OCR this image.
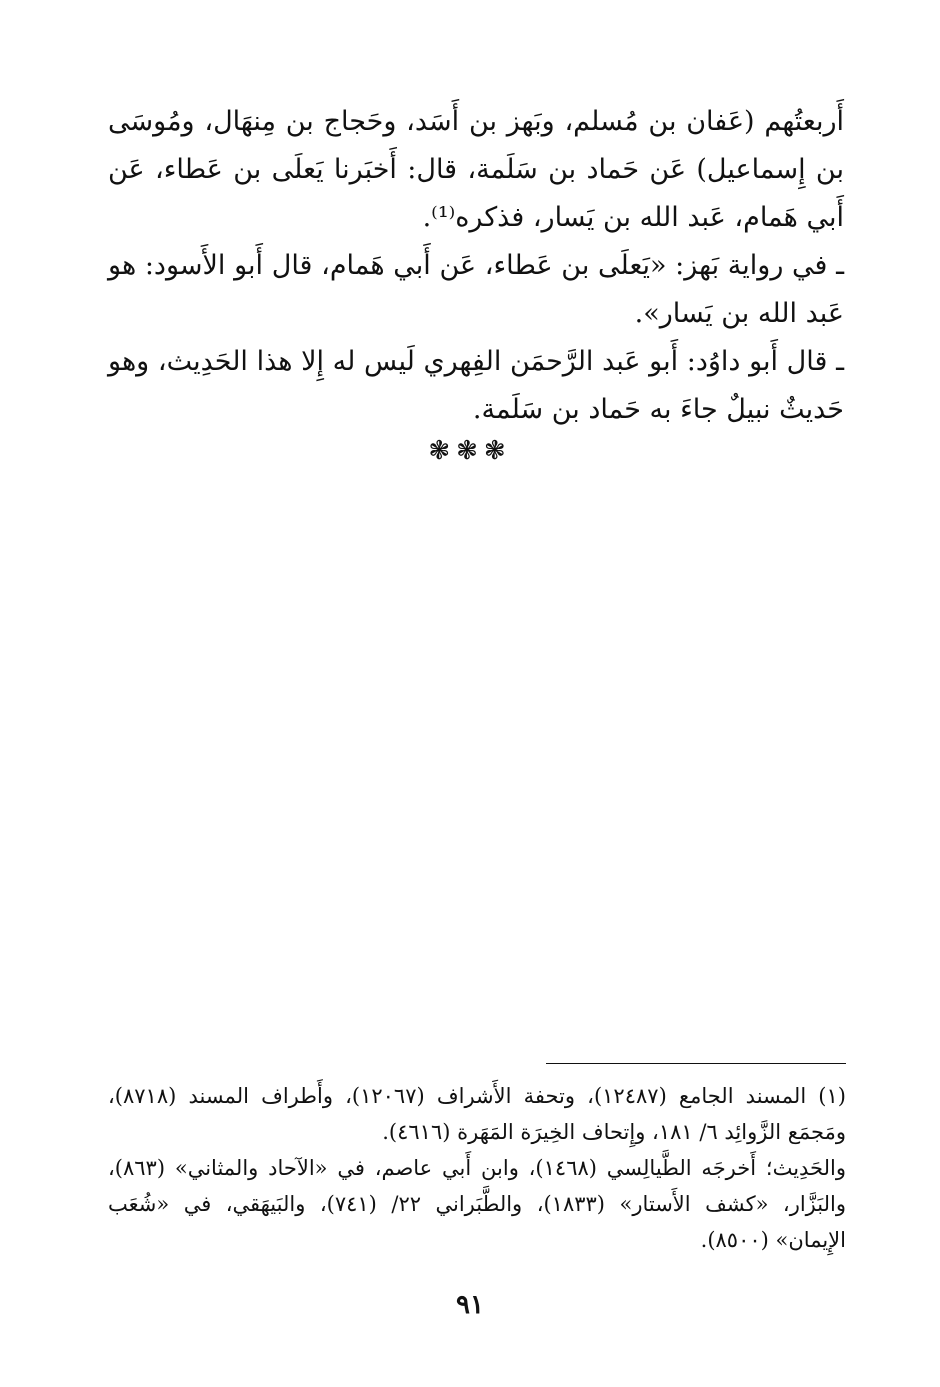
أَربعتُهم (عَفان بن مُسلم، وبَهز بن أَسَد، وحَجاج بن مِنهَال، ومُوسَى بن إِسماعيل) عَن حَماد بن سَلَمة، قال: أَخبَرنا يَعلَى بن عَطاء، عَن أَبي هَمام، عَبد الله بن يَسار، فذكره⁽¹⁾.

ـ في رواية بَهز: «يَعلَى بن عَطاء، عَن أَبي هَمام، قال أَبو الأَسود: هو عَبد الله بن يَسار».

ـ قال أَبو داوُد: أَبو عَبد الرَّحمَن الفِهري لَيس له إِلا هذا الحَدِيث، وهو حَديثٌ نبيلٌ جاءَ به حَماد بن سَلَمة.

❃❃❃

(١) المسند الجامع (١٢٤٨٧)، وتحفة الأَشراف (١٢٠٦٧)، وأَطراف المسند (٨٧١٨)، ومَجمَع الزَّوائِد ٦/ ١٨١، وإِتحاف الخِيرَة المَهَرة (٤٦١٦).

والحَدِيث؛ أَخرجَه الطَّيالِسي (١٤٦٨)، وابن أَبي عاصم، في «الآحاد والمثاني» (٨٦٣)، والبَزَّار، «كشف الأَستار» (١٨٣٣)، والطَّبَراني ٢٢/ (٧٤١)، والبَيهَقي، في «شُعَب الإِيمان» (٨٥٠٠).

٩١
